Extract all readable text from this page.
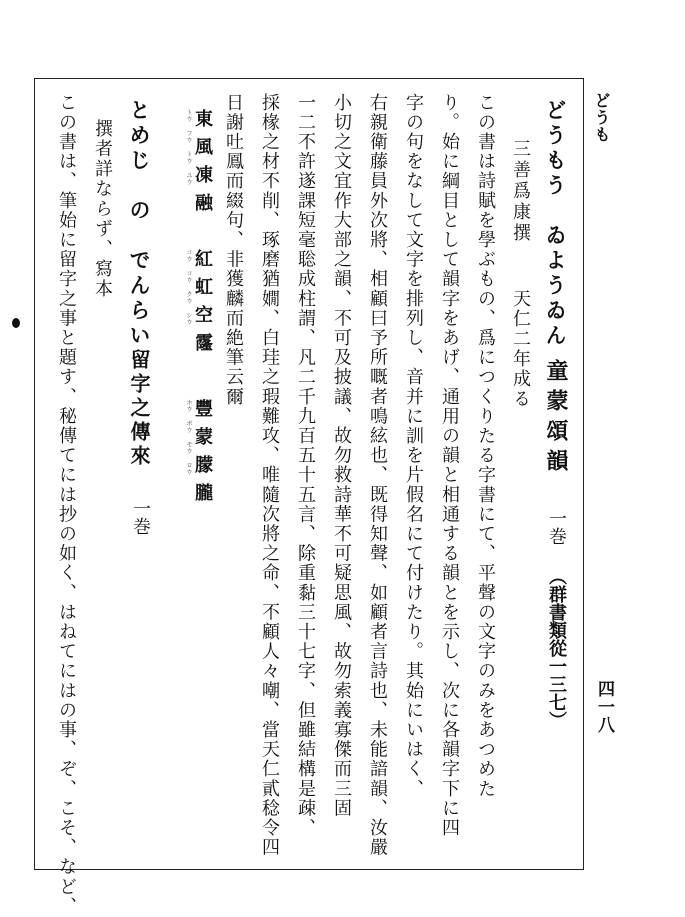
どうも
四一八
どうもう　ゐようゐん
童蒙頌韻
一巻
（群書類從一三七）
三善爲康撰
天仁二年成る
この書は詩賦を學ぶもの、爲につくりたる字書にて、平聲の文字のみをあつめた
り。始に綱目として韻字をあげ、通用の韻と相通する韻とを示し、次に各韻字下に四
字の句をなして文字を排列し、音并に訓を片假名にて付けたり。其始にいはく、
右親衛藤員外次將、相顧曰予所嘅者鳴絃也、既得知聲、如顧者言詩也、未能諳韻、汝嚴
小切之文宜作大部之韻、不可及披議、故勿救詩華不可疑思風、故勿索義寡傑而三固
一二不許遂課短毫聡成柱謂、凡二千九百五十五言、除重黏三十七字、但雖結構是疎、
採椽之材不削、琢磨猶嫺、白珪之瑕難攻、唯隨次將之命、不顧人々嘲、當天仁貳稔令四
日謝吐鳳而綴句、非獲麟而絶筆云爾
東風凍融
トウ　フウ　トウ　ユウ
紅虹空霳
コウ　コウ　クウ　シウ
豐蒙朦朧
ホウ　ボウ　モウ　ロウ
とめじ　の　でんらい
留字之傳來
一巻
撰者詳ならず、寫本
この書は、筆始に留字之事と題す、秘傳てには抄の如く、はねてにはの事、ぞ、こそ、など、
